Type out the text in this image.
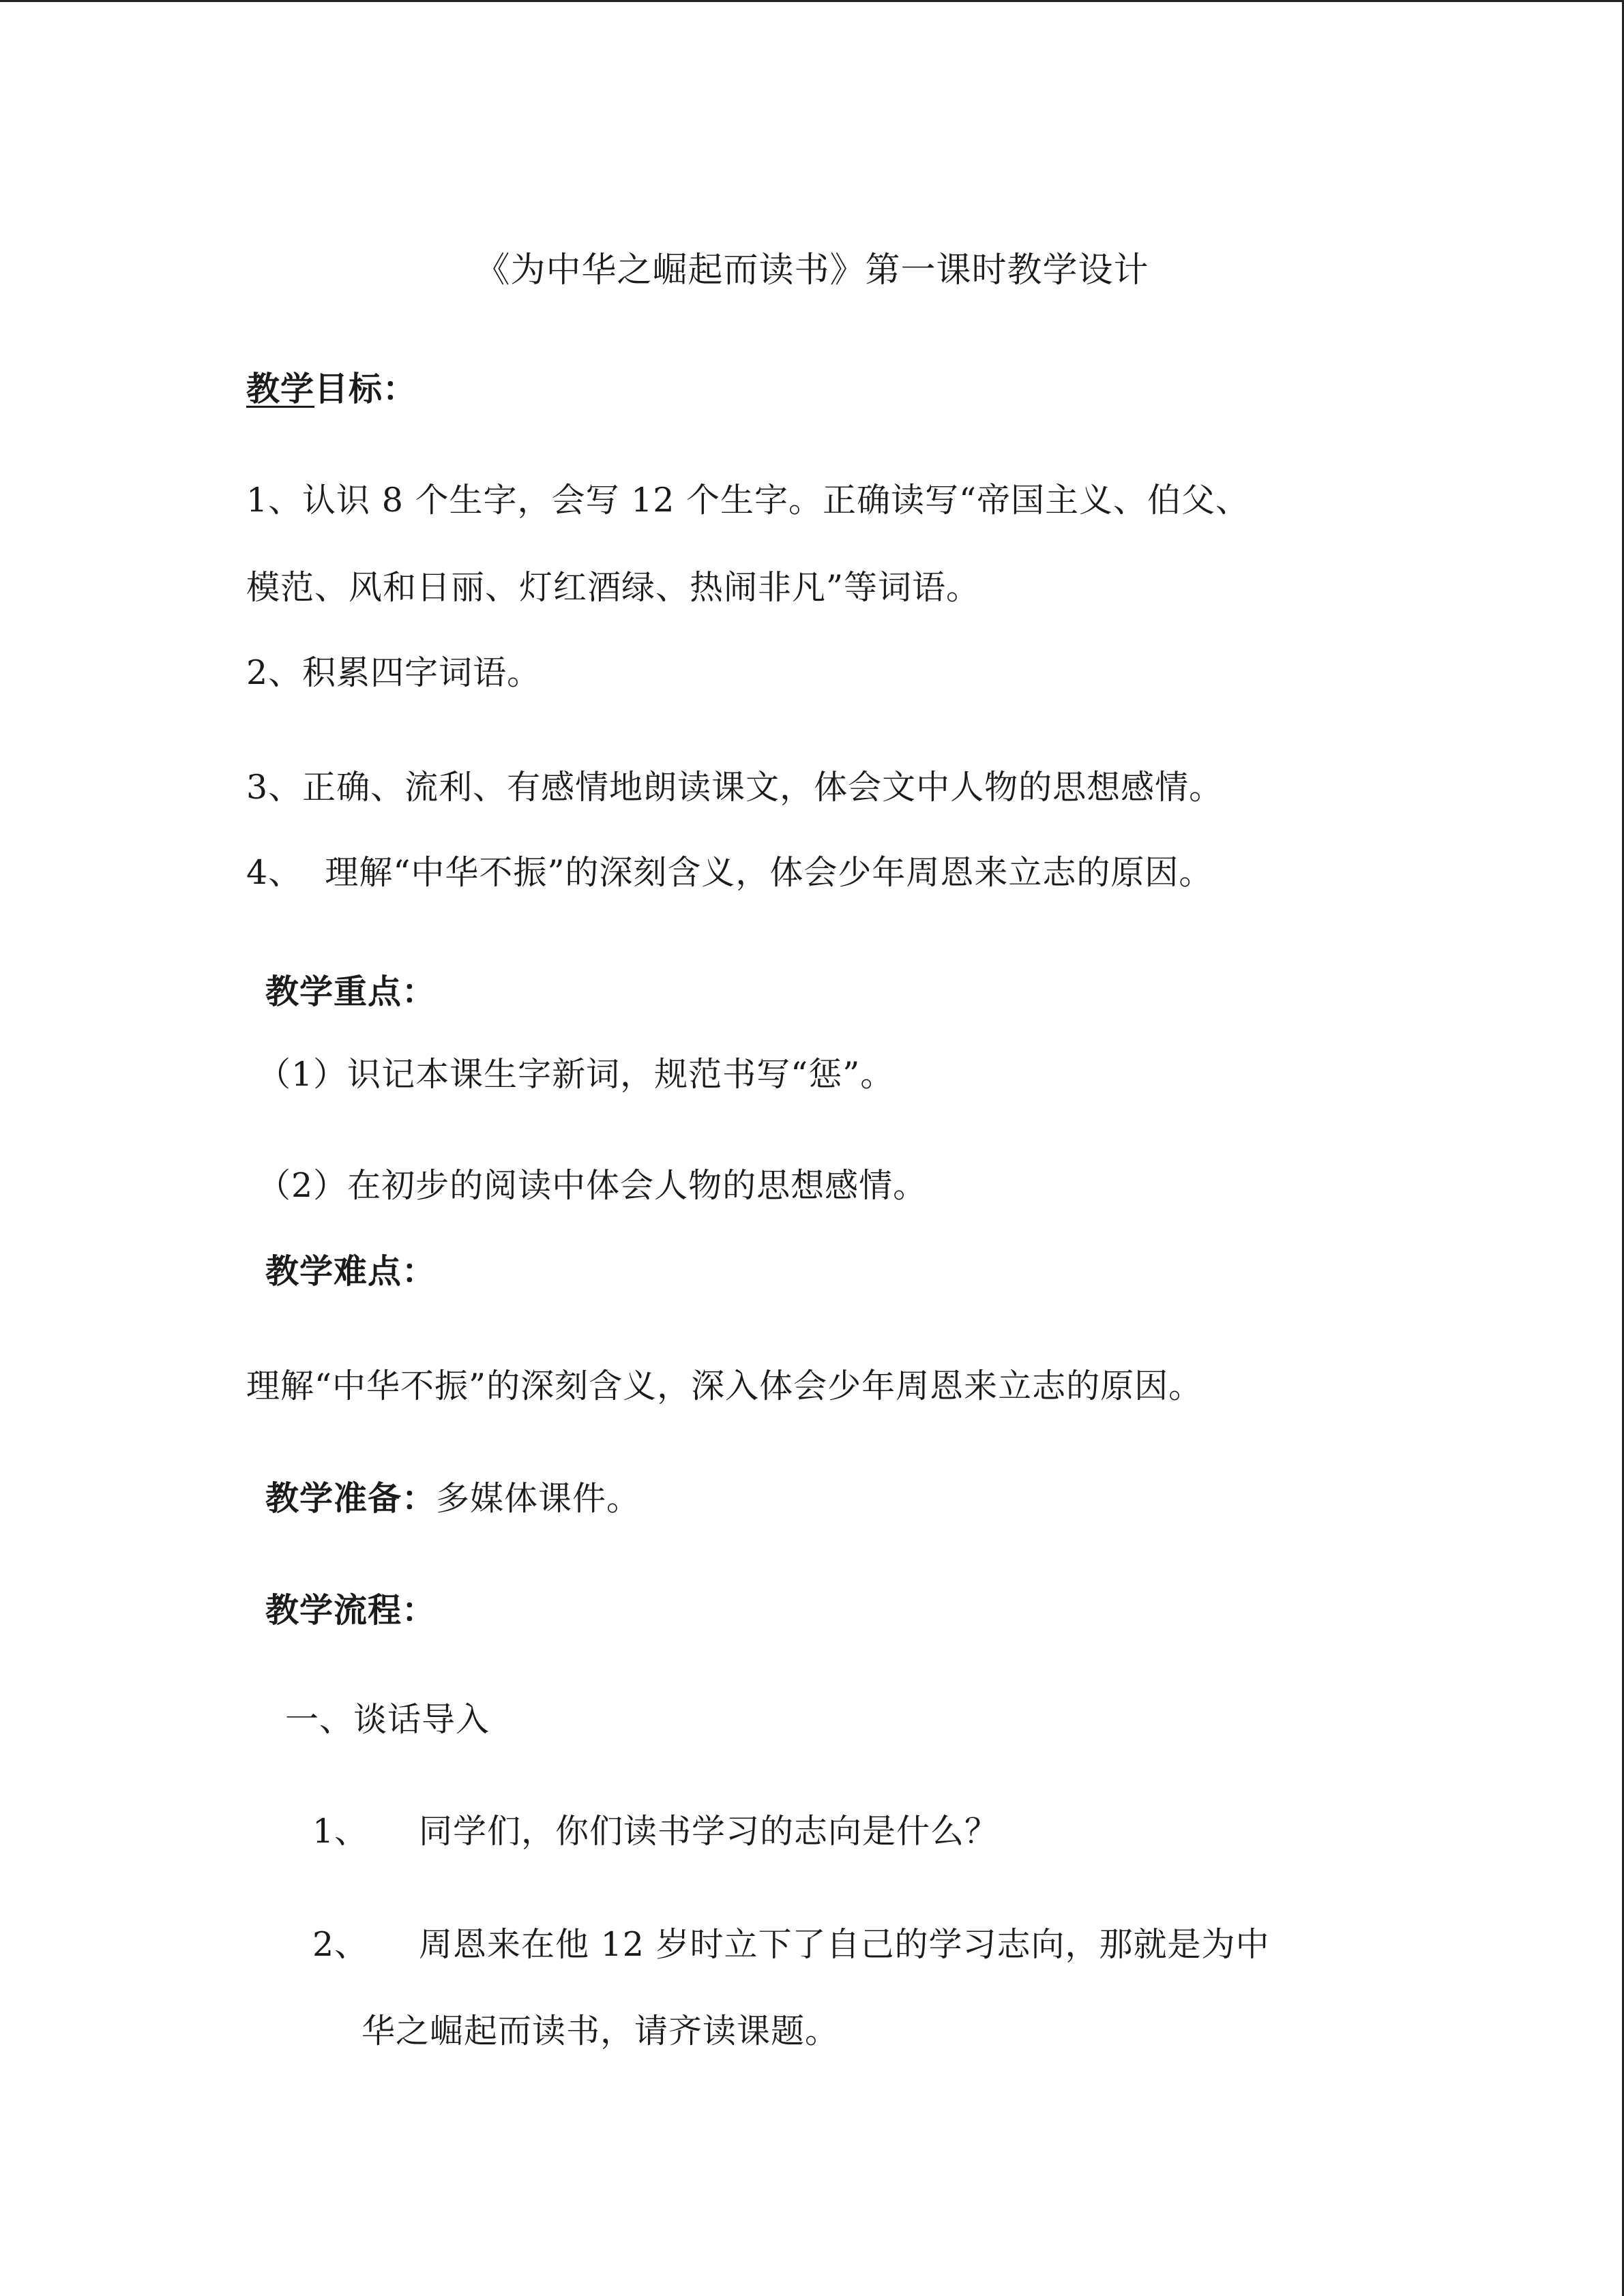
《为中华之崛起而读书》第一课时教学设计
教学目标：
1、认识 8 个生字，会写 12 个生字。正确读写“帝国主义、伯父、
模范、风和日丽、灯红酒绿、热闹非凡”等词语。
2、积累四字词语。
3、正确、流利、有感情地朗读课文，体会文中人物的思想感情。
4、  理解“中华不振”的深刻含义，体会少年周恩来立志的原因。
教学重点：
（1）识记本课生字新词，规范书写“惩”。
（2）在初步的阅读中体会人物的思想感情。
教学难点：
理解“中华不振”的深刻含义，深入体会少年周恩来立志的原因。
教学准备：多媒体课件。
教学流程：
一、谈话导入
1、 同学们，你们读书学习的志向是什么？
2、 周恩来在他 12 岁时立下了自己的学习志向，那就是为中
华之崛起而读书，请齐读课题。
